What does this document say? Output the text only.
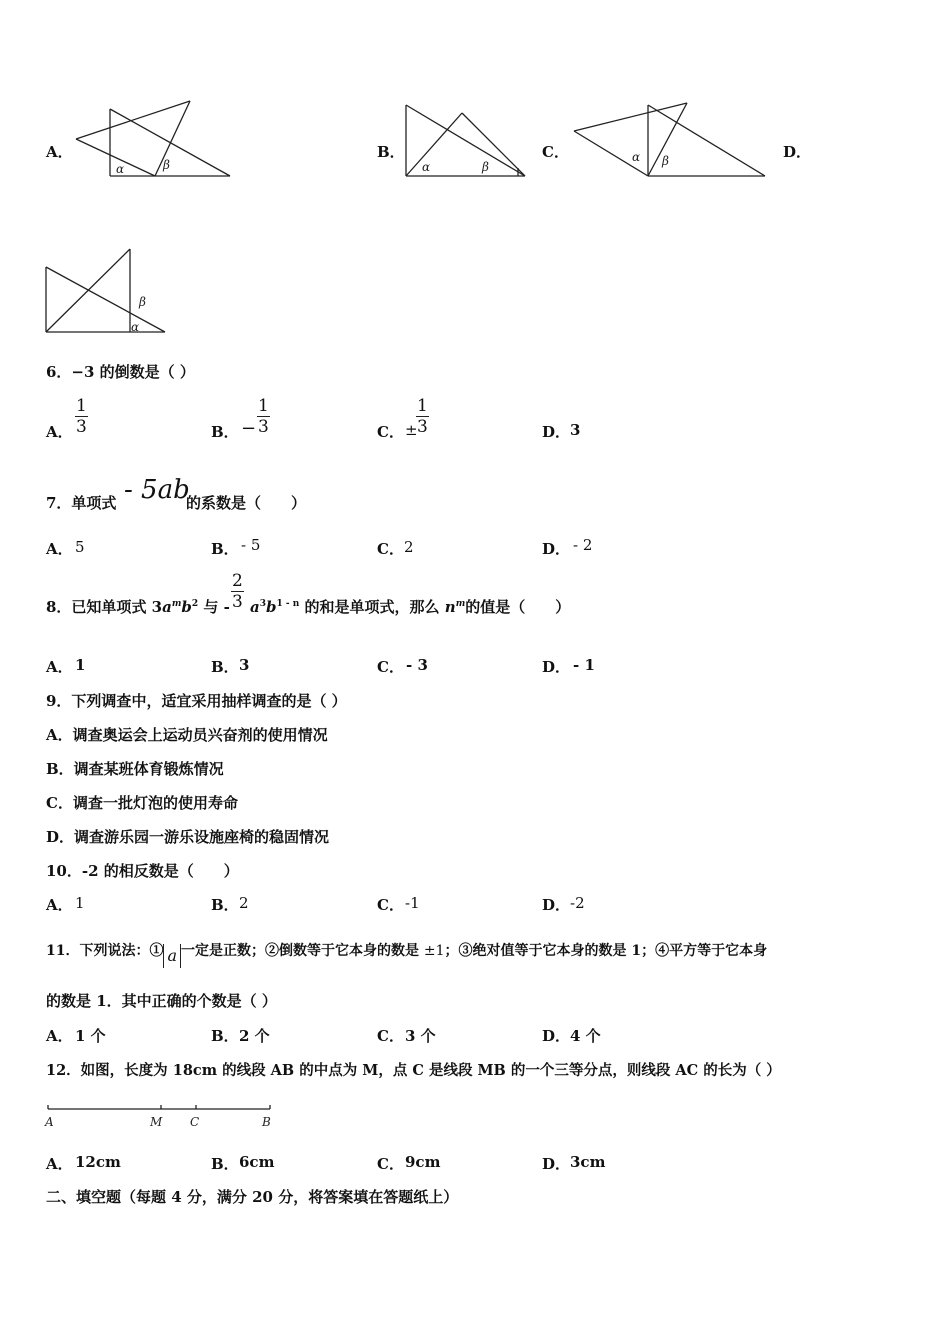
A．
α	β
B．
α	β
C．	α β	D．
α
β
6．−3 的倒数是（ ）
A． $\frac{1}{3}$	B． − $\frac{1}{3}$	C． ±
$\frac{1}{3}$	D． 3
7．单项式 - 5ab
的系数是（　　）
A． 5	B． - 5	C． 2	D． - 2
8．已知单项式 $3a^mb^2$ 与 - $\frac{2}{3} a^3b^{1 - n}$ 的和是单项式，那么 $n^m$的值是（　　）
A． 1	B． 3	C． - 3	D． - 1
9．下列调查中，适宜采用抽样调查的是（ ）
A．调查奥运会上运动员兴奋剂的使用情况
B．调查某班体育锻炼情况
C．调查一批灯泡的使用寿命
D．调查游乐园一游乐设施座椅的稳固情况
10．-2 的相反数是（　　）
A． 1	B． 2	C． -1	D． -2
11．下列说法：① a 一定是正数；②倒数等于它本身的数是 ±1；③绝对值等于它本身的数是 1；④平方等于它本身
的数是 1．其中正确的个数是（ ）
A． 1 个	B． 2 个	C． 3 个	D． 4 个
12．如图，长度为 18cm 的线段 AB 的中点为 M，点 C 是线段 MB 的一个三等分点，则线段 AC 的长为（ ）
A	M C	B
A． 12cm	B． 6cm	C． 9cm	D． 3cm
二、填空题（每题 4 分，满分 20 分，将答案填在答题纸上）
